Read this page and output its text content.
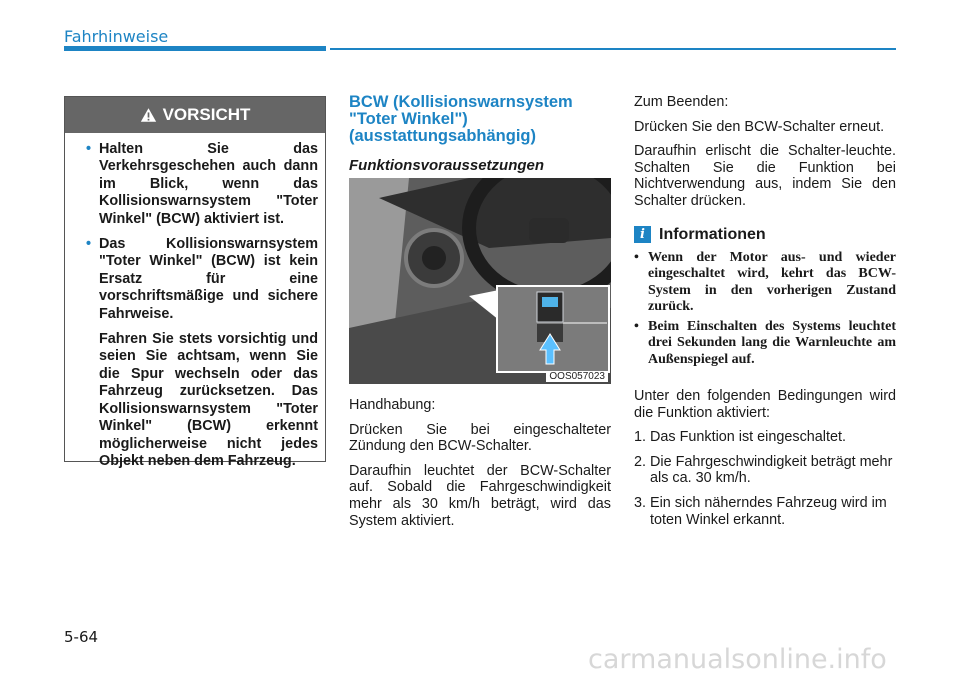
Fahrhinweise
VORSICHT
• Halten Sie das Verkehrsgeschehen auch dann im Blick, wenn das Kollisionswarnsystem "Toter Winkel" (BCW) aktiviert ist.

• Das Kollisionswarnsystem "Toter Winkel" (BCW) ist kein Ersatz für eine vorschriftsmäßige und sichere Fahrweise.

Fahren Sie stets vorsichtig und seien Sie achtsam, wenn Sie die Spur wechseln oder das Fahrzeug zurücksetzen. Das Kollisionswarnsystem "Toter Winkel" (BCW) erkennt möglicherweise nicht jedes Objekt neben dem Fahrzeug.

BCW (Kollisionswarnsystem "Toter Winkel") (ausstattungsabhängig)
Funktionsvoraussetzungen
OOS057023

Handhabung:

Drücken Sie bei eingeschalteter Zündung den BCW-Schalter.

Daraufhin leuchtet der BCW-Schalter auf. Sobald die Fahrgeschwindigkeit mehr als 30 km/h beträgt, wird das System aktiviert.

Zum Beenden:

Drücken Sie den BCW-Schalter erneut.

Daraufhin erlischt die Schalter-leuchte. Schalten Sie die Funktion bei Nichtverwendung aus, indem Sie den Schalter drücken.

i Informationen
• Wenn der Motor aus- und wieder eingeschaltet wird, kehrt das BCW-System in den vorherigen Zustand zurück.
• Beim Einschalten des Systems leuchtet drei Sekunden lang die Warnleuchte am Außenspiegel auf.

Unter den folgenden Bedingungen wird die Funktion aktiviert:

1. Das Funktion ist eingeschaltet.
2. Die Fahrgeschwindigkeit beträgt mehr als ca. 30 km/h.
3. Ein sich näherndes Fahrzeug wird im toten Winkel erkannt.
5-64
carmanualsonline.info
